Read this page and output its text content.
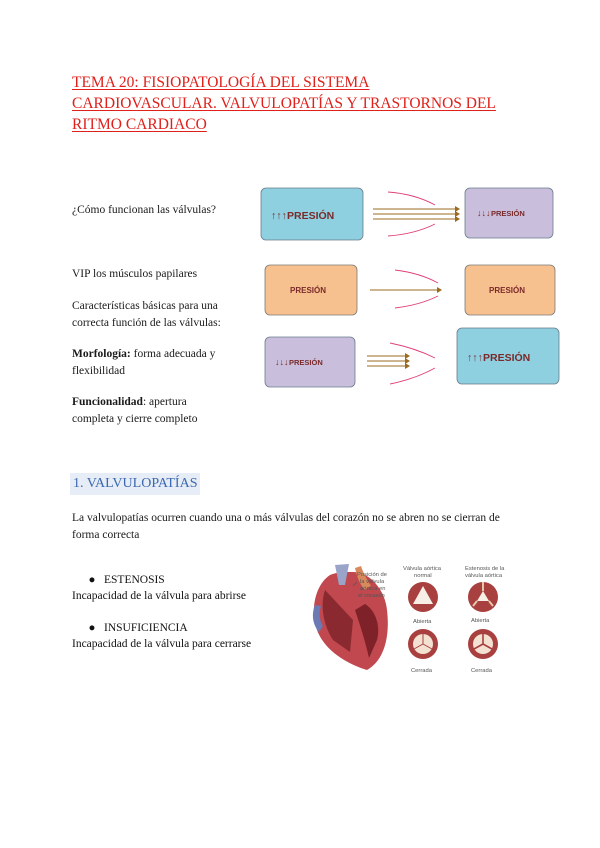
TEMA 20: FISIOPATOLOGÍA DEL SISTEMA
CARDIOVASCULAR. VALVULOPATÍAS Y TRASTORNOS DEL
RITMO CARDIACO
¿Cómo funcionan las válvulas?
VIP los músculos papilares
Características básicas para una
correcta función de las válvulas:
Morfología: forma adecuada y
flexibilidad
Funcionalidad: apertura
completa y cierre completo
↑↑↑ PRESIÓN	↓↓↓ PRESIÓN
PRESIÓN	PRESIÓN
↓↓↓ PRESIÓN	↑↑↑ PRESIÓN
1. VALVULOPATÍAS
La valvulopatías ocurren cuando una o más válvulas del corazón no se abren no se cierran de
forma correcta
● ESTENOSIS
Incapacidad de la válvula para abrirse
● INSUFICIENCIA
Incapacidad de la válvula para cerrarse
Posición de
la válvula
aórtica en
el corazón
Válvula aórtica
normal
Estenosis de la
válvula aórtica
Abierta
Cerrada
Abierta
Cerrada
